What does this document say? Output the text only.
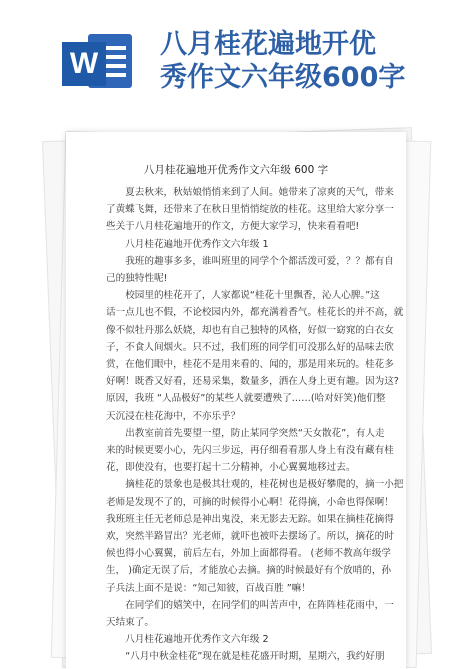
W
八月桂花遍地开优
秀作文六年级600字
八月桂花遍地开优秀作文六年级 600 字

夏去秋来，秋姑娘悄悄来到了人间。她带来了凉爽的天气，带来

了黄蝶飞舞，还带来了在秋日里悄悄绽放的桂花。这里给大家分享一

些关于八月桂花遍地开的作文，方便大家学习，快来看看吧!

八月桂花遍地开优秀作文六年级 1

我班的趣事多多，谁叫班里的同学个个都活泼可爱，？？都有自

己的独特性呢!

校园里的桂花开了，人家都说“桂花十里飘香，沁人心脾。”这

话一点儿也不假，不论校园内外，都充满着香气。桂花长的并不高，就

像不似牡丹那么妖娆，却也有自己独特的风格，好似一窈窕的白衣女

子，不食人间烟火。只不过，我们班的同学们可没那么好的品味去欣

赏，在他们眼中，桂花不是用来看的、闻的，那是用来玩的。桂花多

好啊！既香又好看，还易采集，数量多，洒在人身上更有趣。因为这?

原因，我班 “人品极好”的某些人就要遭殃了……(哈对奸笑)他们整

天沉浸在桂花海中，不亦乐乎？

出教室前首先要望一望，防止某同学突然“天女散花”，有人走

来的时候更要小心，先闪三步远，再仔细看看那人身上有没有藏有桂

花，即使没有，也要打起十二分精神，小心翼翼地移过去。

摘桂花的景象也是极其壮观的，桂花树也是极好攀爬的，摘一小把

老师是发现不了的，可摘的时候得小心啊！花得摘，小命也得保啊！

我班班主任无老师总是神出鬼没，来无影去无踪。如果在摘桂花摘得

欢，突然半路冒出？光老师，就吓也被吓去摆场了。所以，摘花的时

候也得小心翼翼，前后左右，外加上面都得看。 (老师不教高年级学

生， )确定无误了后，才能放心去摘。摘的时候最好有个放哨的，孙

子兵法上面不是说：“知己知彼，百战百胜 ”嘛！

在同学们的嬉笑中，在同学们的叫苦声中，在阵阵桂花雨中，一

天结束了。

八月桂花遍地开优秀作文六年级 2

“八月中秋金桂花”现在就是桂花盛开时期，星期六，我约好朋
